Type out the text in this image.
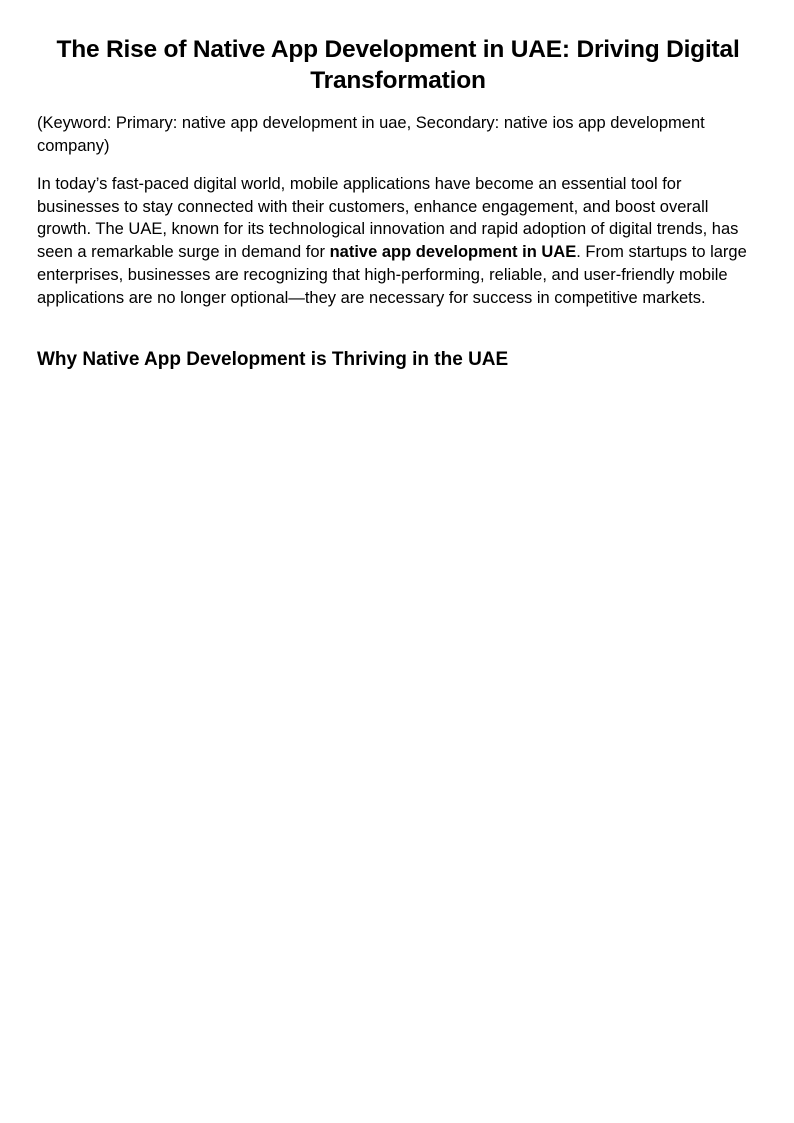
The Rise of Native App Development in UAE: Driving Digital Transformation

(Keyword: Primary: native app development in uae, Secondary: native ios app development company)

In today’s fast-paced digital world, mobile applications have become an essential tool for businesses to stay connected with their customers, enhance engagement, and boost overall growth. The UAE, known for its technological innovation and rapid adoption of digital trends, has seen a remarkable surge in demand for native app development in UAE. From startups to large enterprises, businesses are recognizing that high-performing, reliable, and user-friendly mobile applications are no longer optional—they are necessary for success in competitive markets.

Why Native App Development is Thriving in the UAE
